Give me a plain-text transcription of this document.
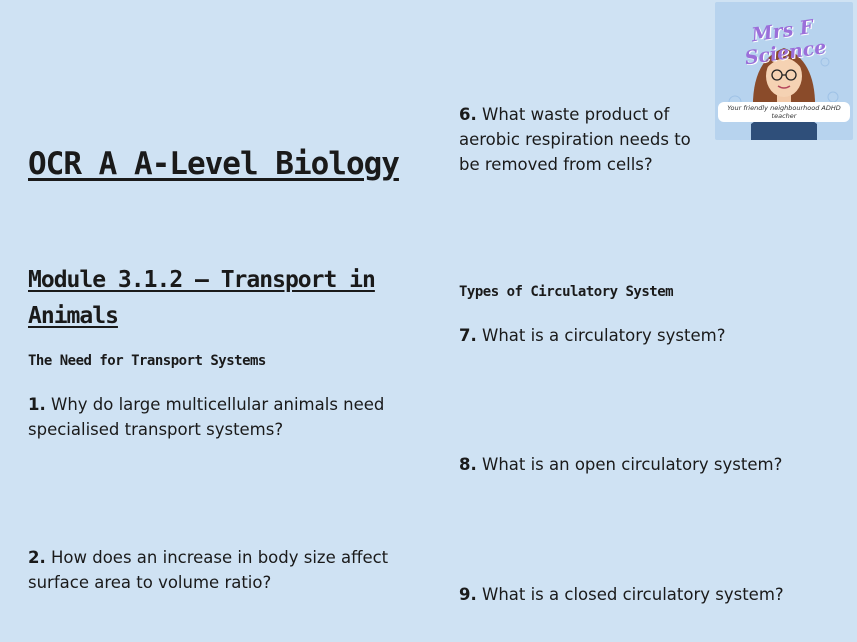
OCR A A-Level Biology
Module 3.1.2 — Transport in Animals
The Need for Transport Systems
1. Why do large multicellular animals need specialised transport systems?
2. How does an increase in body size affect surface area to volume ratio?
6. What waste product of aerobic respiration needs to be removed from cells?
Types of Circulatory System
7. What is a circulatory system?
8. What is an open circulatory system?
9. What is a closed circulatory system?
Mrs F Science
Your friendly neighbourhood ADHD teacher
